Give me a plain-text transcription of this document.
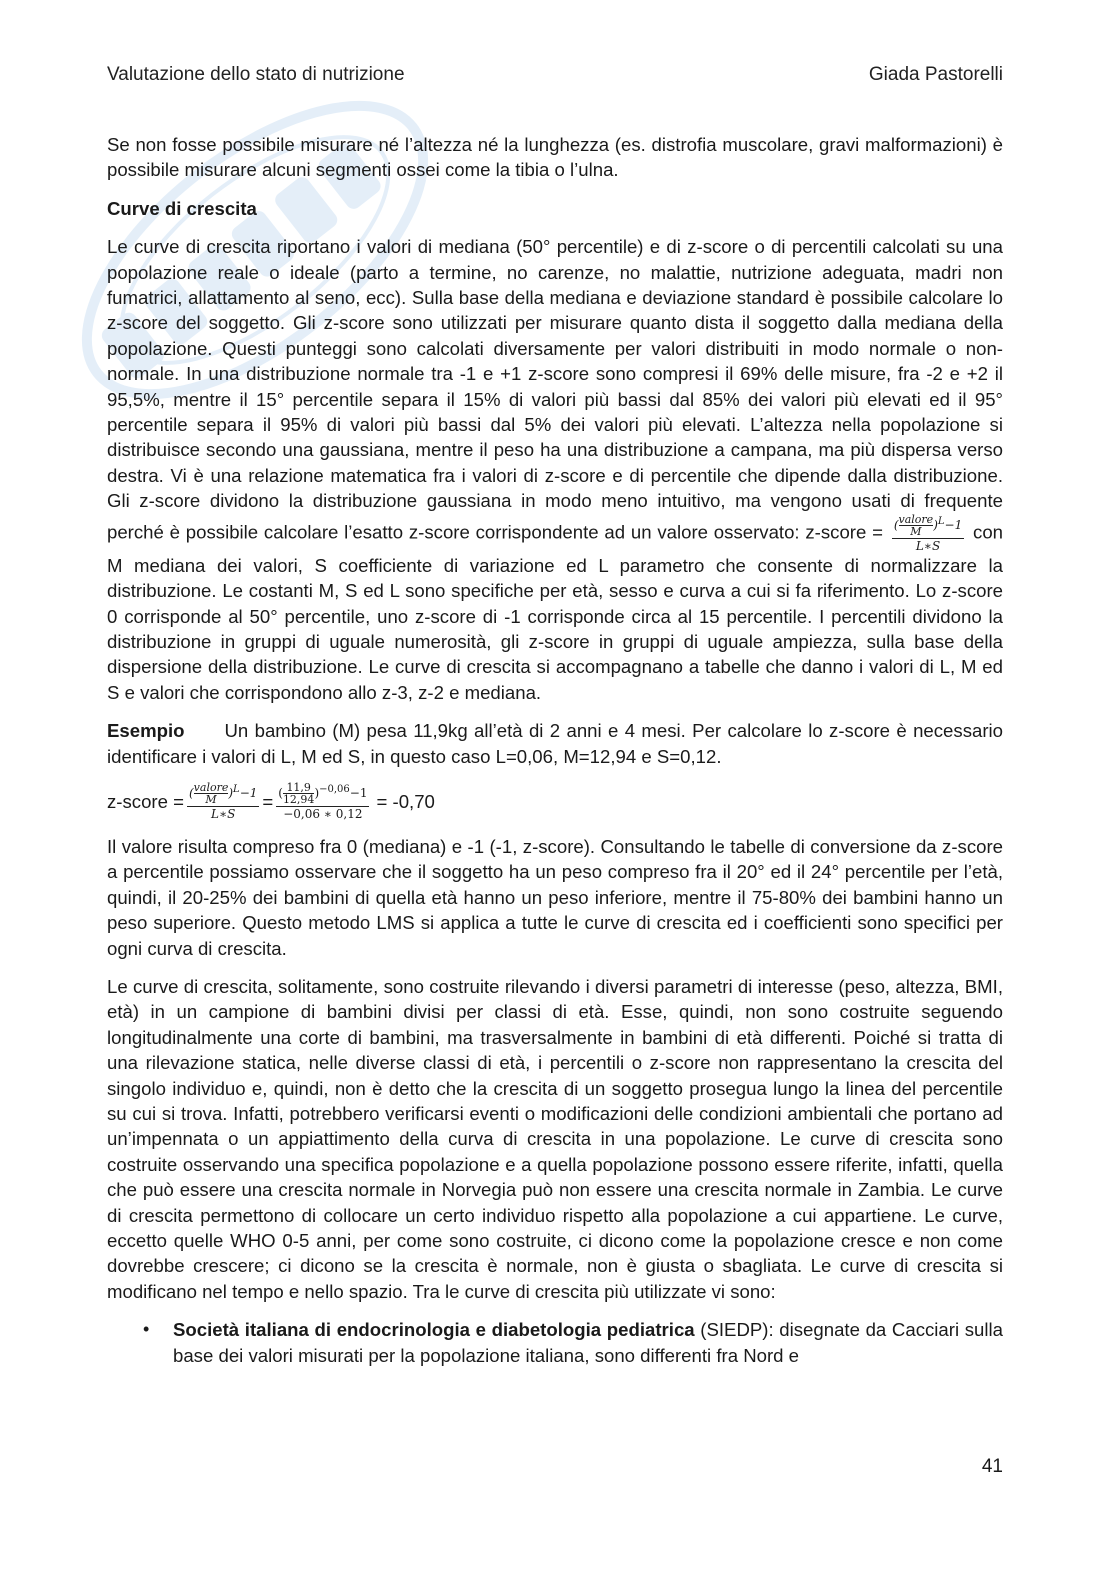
Valutazione dello stato di nutrizione	Giada Pastorelli

Se non fosse possibile misurare né l’altezza né la lunghezza (es. distrofia muscolare, gravi malformazioni) è possibile misurare alcuni segmenti ossei come la tibia o l’ulna.

Curve di crescita

Le curve di crescita riportano i valori di mediana (50° percentile) e di z-score o di percentili calcolati su una popolazione reale o ideale (parto a termine, no carenze, no malattie, nutrizione adeguata, madri non fumatrici, allattamento al seno, ecc). Sulla base della mediana e deviazione standard è possibile calcolare lo z-score del soggetto. Gli z-score sono utilizzati per misurare quanto dista il soggetto dalla mediana della popolazione. Questi punteggi sono calcolati diversamente per valori distribuiti in modo normale o non-normale. In una distribuzione normale tra -1 e +1 z-score sono compresi il 69% delle misure, fra -2 e +2 il 95,5%, mentre il 15° percentile separa il 15% di valori più bassi dal 85% dei valori più elevati ed il 95° percentile separa il 95% di valori più bassi dal 5% dei valori più elevati. L’altezza nella popolazione si distribuisce secondo una gaussiana, mentre il peso ha una distribuzione a campana, ma più dispersa verso destra. Vi è una relazione matematica fra i valori di z-score e di percentile che dipende dalla distribuzione. Gli z-score dividono la distribuzione gaussiana in modo meno intuitivo, ma vengono usati di frequente perché è possibile calcolare l’esatto z-score corrispondente ad un valore osservato: z-score = $\frac{( \frac{\text{valore}}{M} )^L-1}{L∗S}$ con M mediana dei valori, S coefficiente di variazione ed L parametro che consente di normalizzare la distribuzione. Le costanti M, S ed L sono specifiche per età, sesso e curva a cui si fa riferimento. Lo z-score 0 corrisponde al 50° percentile, uno z-score di -1 corrisponde circa al 15 percentile. I percentili dividono la distribuzione in gruppi di uguale numerosità, gli z-score in gruppi di uguale ampiezza, sulla base della dispersione della distribuzione. Le curve di crescita si accompagnano a tabelle che danno i valori di L, M ed S e valori che corrispondono allo z-3, z-2 e mediana.

Esempio Un bambino (M) pesa 11,9kg all’età di 2 anni e 4 mesi. Per calcolare lo z-score è necessario identificare i valori di L, M ed S, in questo caso L=0,06, M=12,94 e S=0,12.

z-score = $\frac{( \frac{\text{valore}}{M} )^L-1}{L∗S} = \frac{( \frac{11,9}{12,94} )^{-0,06}-1}{-0,06 ∗ 0,12} = -0,70$

Il valore risulta compreso fra 0 (mediana) e -1 (-1, z-score). Consultando le tabelle di conversione da z-score a percentile possiamo osservare che il soggetto ha un peso compreso fra il 20° ed il 24° percentile per l’età, quindi, il 20-25% dei bambini di quella età hanno un peso inferiore, mentre il 75-80% dei bambini hanno un peso superiore. Questo metodo LMS si applica a tutte le curve di crescita ed i coefficienti sono specifici per ogni curva di crescita.

Le curve di crescita, solitamente, sono costruite rilevando i diversi parametri di interesse (peso, altezza, BMI, età) in un campione di bambini divisi per classi di età. Esse, quindi, non sono costruite seguendo longitudinalmente una corte di bambini, ma trasversalmente in bambini di età differenti. Poiché si tratta di una rilevazione statica, nelle diverse classi di età, i percentili o z-score non rappresentano la crescita del singolo individuo e, quindi, non è detto che la crescita di un soggetto prosegua lungo la linea del percentile su cui si trova. Infatti, potrebbero verificarsi eventi o modificazioni delle condizioni ambientali che portano ad un’impennata o un appiattimento della curva di crescita in una popolazione. Le curve di crescita sono costruite osservando una specifica popolazione e a quella popolazione possono essere riferite, infatti, quella che può essere una crescita normale in Norvegia può non essere una crescita normale in Zambia. Le curve di crescita permettono di collocare un certo individuo rispetto alla popolazione a cui appartiene. Le curve, eccetto quelle WHO 0-5 anni, per come sono costruite, ci dicono come la popolazione cresce e non come dovrebbe crescere; ci dicono se la crescita è normale, non è giusta o sbagliata. Le curve di crescita si modificano nel tempo e nello spazio. Tra le curve di crescita più utilizzate vi sono:

• Società italiana di endocrinologia e diabetologia pediatrica (SIEDP): disegnate da Cacciari sulla base dei valori misurati per la popolazione italiana, sono differenti fra Nord e
41
